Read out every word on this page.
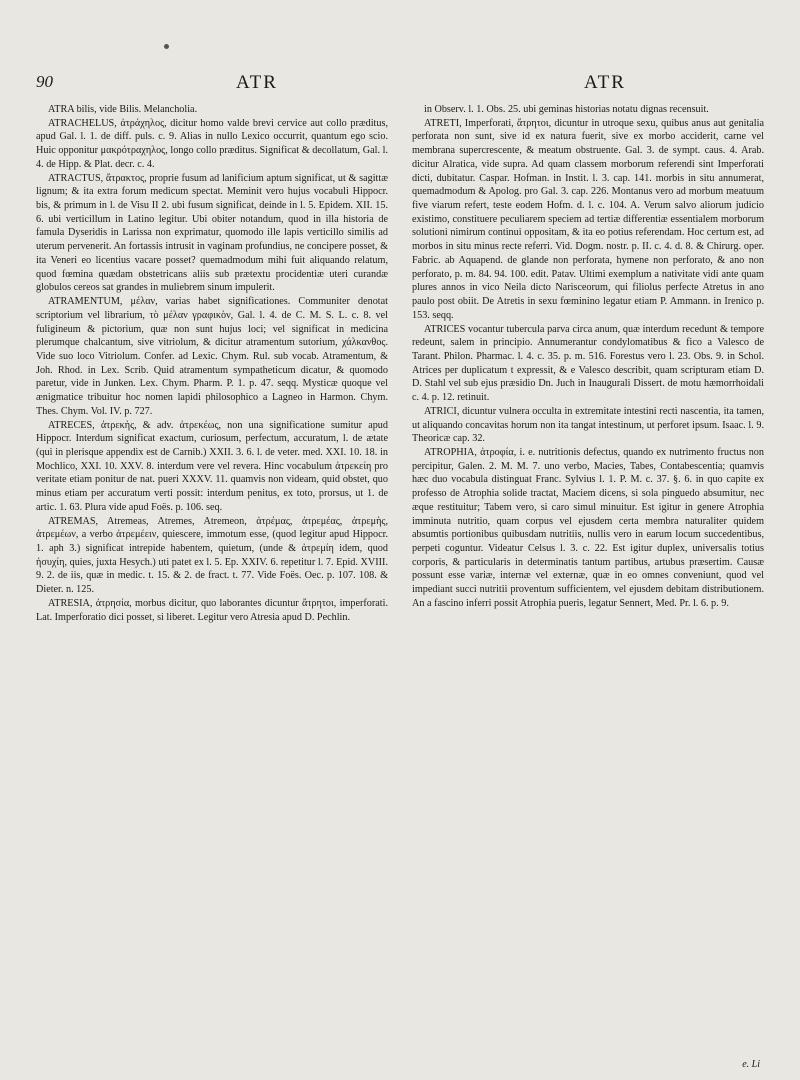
90	ATR	ATR

ATRA bilis, vide Bilis. Melancholia.

ATRACHELUS, ἀτράχηλος, dicitur homo valde brevi cervice aut collo præditus, apud Gal. l. 1. de diff. puls. c. 9. Alias in nullo Lexico occurrit, quantum ego scio. Huic opponitur μακρότραχηλος, longo collo præditus. Significat & decollatum, Gal. l. 4. de Hipp. & Plat. decr. c. 4.

ATRACTUS, ἄτρακτος, proprie fusum ad lanificium aptum significat, ut & sagittæ lignum; & ita extra forum medicum spectat. Meminit vero hujus vocabuli Hippocr. bis, & primum in l. de Visu II 2. ubi fusum significat, deinde in l. 5. Epidem. XII. 15. 6. ubi verticillum in Latino legitur. Ubi obiter notandum, quod in illa historia de famula Dyseridis in Larissa non exprimatur, quomodo ille lapis verticillo similis ad uterum pervenerit. An fortassis intrusit in vaginam profundius, ne concipere posset, & ita Veneri eo licentius vacare posset? quemadmodum mihi fuit aliquando relatum, quod fœmina quædam obstetricans aliis sub prætextu procidentiæ uteri curandæ globulos cereos sat grandes in muliebrem sinum impulerit.

ATRAMENTUM, μέλαν, varias habet significationes. Communiter denotat scriptorium vel librarium, τὸ μέλαν γραφικὸν, Gal. l. 4. de C. M. S. L. c. 8. vel fuligineum & pictorium, quæ non sunt hujus loci; vel significat in medicina plerumque chalcantum, sive vitriolum, & dicitur atramentum sutorium, χάλκανθος. Vide suo loco Vitriolum. Confer. ad Lexic. Chym. Rul. sub vocab. Atramentum, & Joh. Rhod. in Lex. Scrib. Quid atramentum sympatheticum dicatur, & quomodo paretur, vide in Junken. Lex. Chym. Pharm. P. 1. p. 47. seqq. Mysticæ quoque vel ænigmatice tribuitur hoc nomen lapidi philosophico a Lagneo in Harmon. Chym. Thes. Chym. Vol. IV. p. 727.

ATRECES, ἀτρεκὴς, & adv. ἀτρεκέως, non una significatione sumitur apud Hippocr. Interdum significat exactum, curiosum, perfectum, accuratum, l. de ætate (qui in plerisque appendix est de Carnib.) XXII. 3. 6. l. de veter. med. XXI. 10. 18. in Mochlico, XXI. 10. XXV. 8. interdum vere vel revera. Hinc vocabulum ἀτρεκείη pro veritate etiam ponitur de nat. pueri XXXV. 11. quamvis non videam, quid obstet, quo minus etiam per accuratum verti possit: interdum penitus, ex toto, prorsus, ut 1. de artic. 1. 63. Plura vide apud Foës. p. 106. seq.

ATREMAS, Atremeas, Atremes, Atremeon, ἀτρέμας, ἀτρεμέας, ἀτρεμὴς, ἀτρεμέων, a verbo ἀτρεμέειν, quiescere, immotum esse, (quod legitur apud Hippocr. 1. aph 3.) significat intrepide habentem, quietum, (unde & ἀτρεμίη idem, quod ἡσυχίη, quies, juxta Hesych.) uti patet ex l. 5. Ep. XXIV. 6. repetitur l. 7. Epid. XVIII. 9. 2. de iis, quæ in medic. t. 15. & 2. de fract. t. 77. Vide Foës. Oec. p. 107. 108. & Dieter. n. 125.

ATRESIA, ἀτρησία, morbus dicitur, quo laborantes dicuntur ἄτρητοι, imperforati. Lat. Imperforatio dici posset, si liberet. Legitur vero Atresia apud D. Pechlin.

in Observ. l. 1. Obs. 25. ubi geminas historias notatu dignas recensuit.

ATRETI, Imperforati, ἄτρητοι, dicuntur in utroque sexu, quibus anus aut genitalia perforata non sunt, sive id ex natura fuerit, sive ex morbo acciderit, carne vel membrana supercrescente, & meatum obstruente. Gal. 3. de sympt. caus. 4. Arab. dicitur Alratica, vide supra. Ad quam classem morborum referendi sint Imperforati dicti, dubitatur. Caspar. Hofman. in Instit. l. 3. cap. 141. morbis in situ annumerat, quemadmodum & Apolog. pro Gal. 3. cap. 226. Montanus vero ad morbum meatuum five viarum refert, teste eodem Hofm. d. l. c. 104. A. Verum salvo aliorum judicio existimo, constituere peculiarem speciem ad tertiæ differentiæ essentialem morborum solutioni nimirum continui oppositam, & ita eo potius referendam. Hoc certum est, ad morbos in situ minus recte referri. Vid. Dogm. nostr. p. II. c. 4. d. 8. & Chirurg. oper. Fabric. ab Aquapend. de glande non perforata, hymene non perforato, & ano non perforato, p. m. 84. 94. 100. edit. Patav. Ultimi exemplum a nativitate vidi ante quam plures annos in vico Neila dicto Narisceorum, qui filiolus perfecte Atretus in ano paulo post obiit. De Atretis in sexu fœminino legatur etiam P. Ammann. in Irenico p. 153. seqq.

ATRICES vocantur tubercula parva circa anum, quæ interdum recedunt & tempore redeunt, salem in principio. Annumerantur condylomatibus & fico a Valesco de Tarant. Philon. Pharmac. l. 4. c. 35. p. m. 516. Forestus vero l. 23. Obs. 9. in Schol. Atrices per duplicatum t expressit, & e Valesco describit, quam scripturam etiam D. D. Stahl vel sub ejus præsidio Dn. Juch in Inaugurali Dissert. de motu hæmorrhoidali c. 4. p. 12. retinuit.

ATRICI, dicuntur vulnera occulta in extremitate intestini recti nascentia, ita tamen, ut aliquando concavitas horum non ita tangat intestinum, ut perforet ipsum. Isaac. l. 9. Theoricæ cap. 32.

ATROPHIA, ἀτροφία, i. e. nutritionis defectus, quando ex nutrimento fructus non percipitur, Galen. 2. M. M. 7. uno verbo, Macies, Tabes, Contabescentia; quamvis hæc duo vocabula distinguat Franc. Sylvius l. 1. P. M. c. 37. §. 6. in quo capite ex professo de Atrophia solide tractat, Maciem dicens, si sola pinguedo absumitur, nec æque restituitur; Tabem vero, si caro simul minuitur. Est igitur in genere Atrophia imminuta nutritio, quam corpus vel ejusdem certa membra naturaliter quidem absumtis portionibus quibusdam nutritiis, nullis vero in earum locum succedentibus, perpeti coguntur. Videatur Celsus l. 3. c. 22. Est igitur duplex, universalis totius corporis, & particularis in determinatis tantum partibus, artubus præsertim. Causæ possunt esse variæ, internæ vel externæ, quæ in eo omnes conveniunt, quod vel impediant succi nutritii proventum sufficientem, vel ejusdem debitam distributionem. An a fascino inferri possit Atrophia pueris, legatur Sennert, Med. Pr. l. 6. p. 9.

e. Li
